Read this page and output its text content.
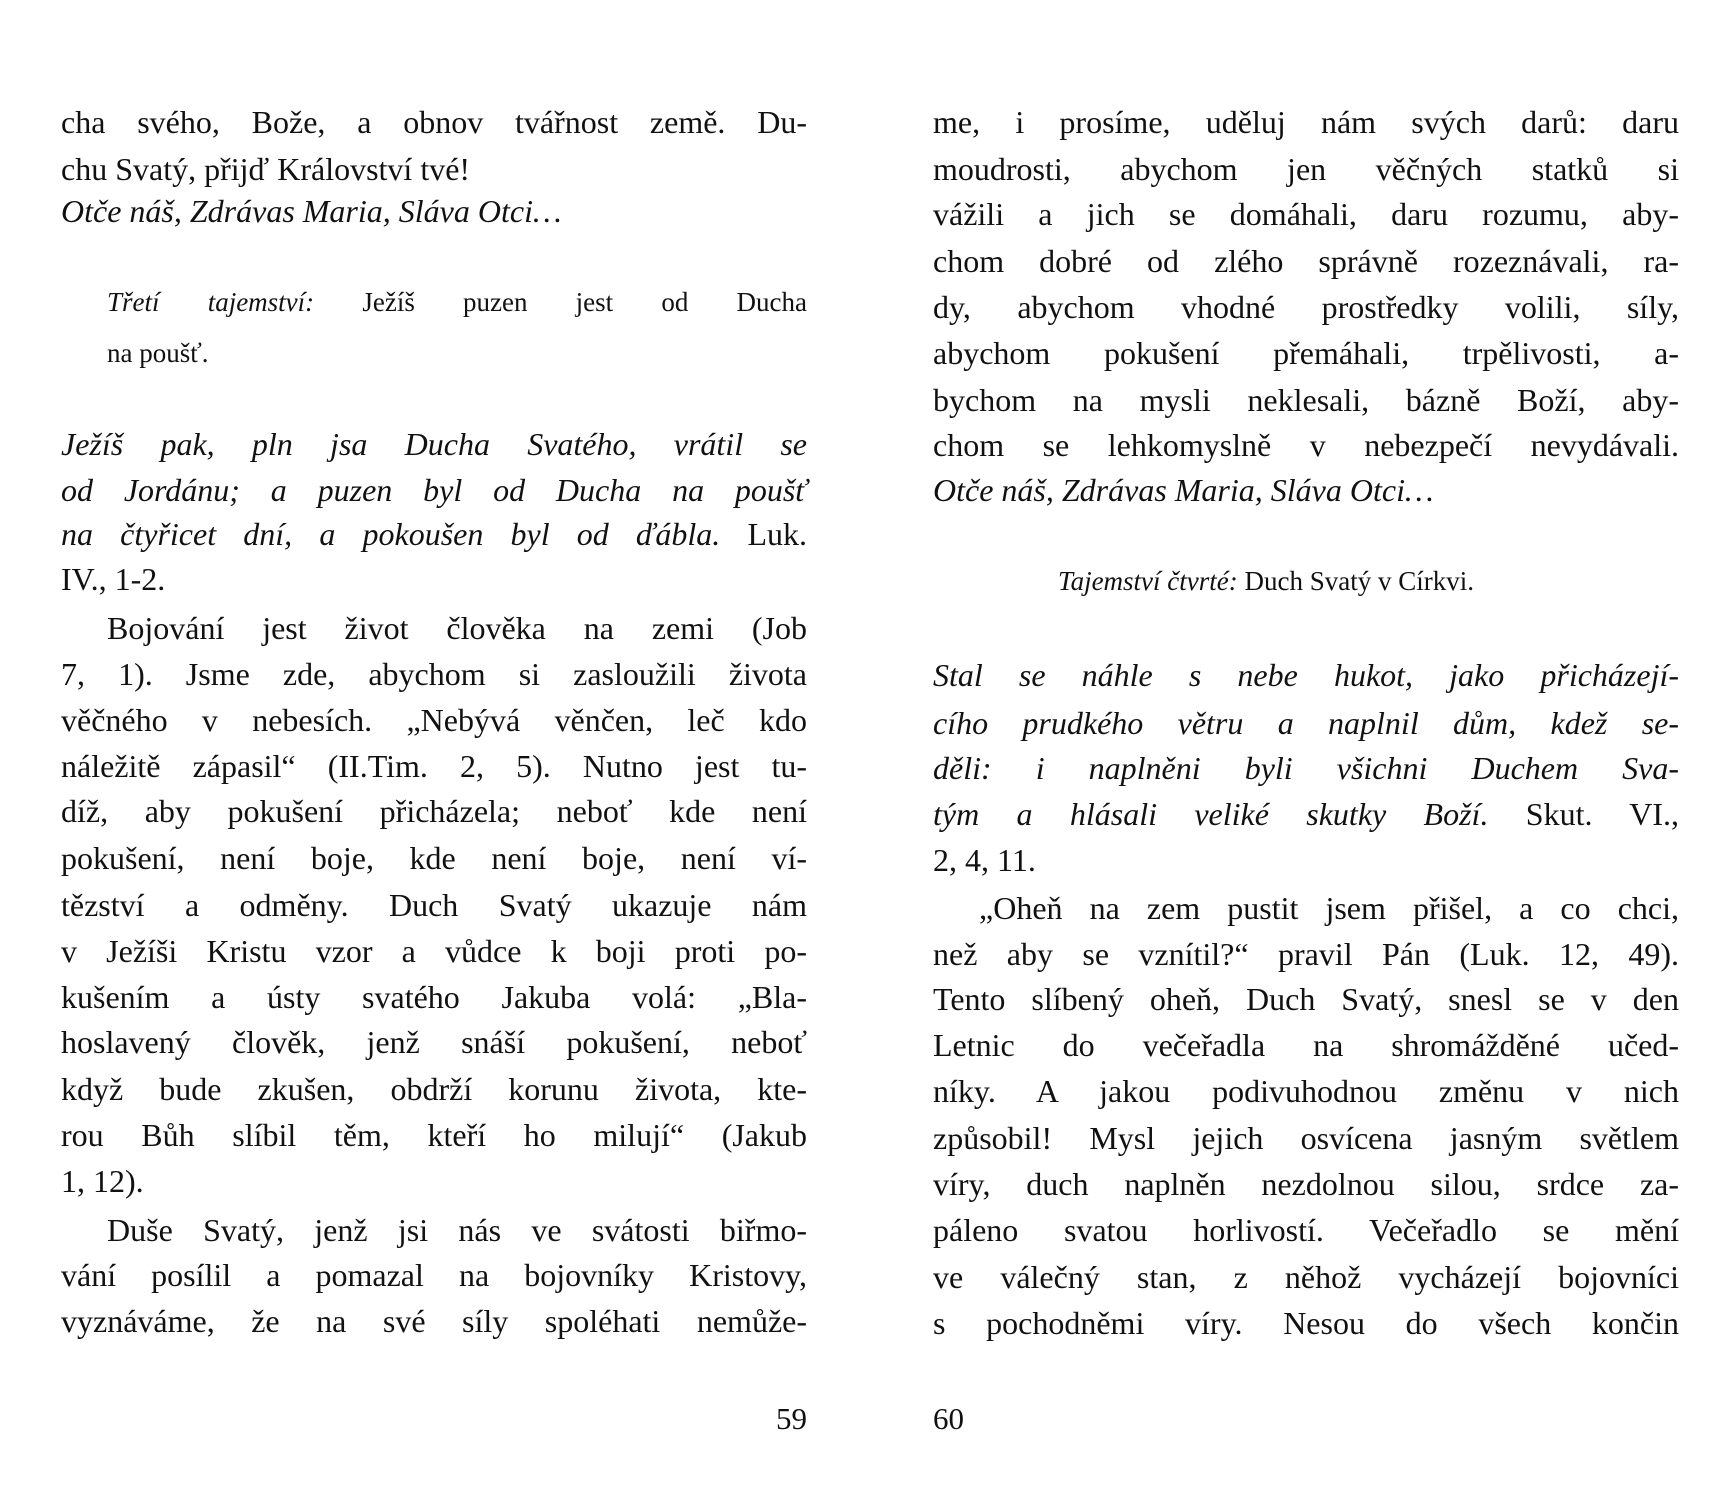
59
cha svého, Bože, a obnov tvářnost země. Du-
chu Svatý, přijď Království tvé!
Otče náš, Zdrávas Maria, Sláva Otci…
Třetí tajemství: Ježíš puzen jest od Ducha
na poušť.
Ježíš pak, pln jsa Ducha Svatého, vrátil se
od Jordánu; a puzen byl od Ducha na poušť
na čtyřicet dní, a pokoušen byl od ďábla. Luk.
IV., 1-2.
Bojování jest život člověka na zemi (Job
7, 1). Jsme zde, abychom si zasloužili života
věčného v nebesích. „Nebývá věnčen, leč kdo
náležitě zápasil“ (II.Tim. 2, 5). Nutno jest tu-
díž, aby pokušení přicházela; neboť kde není
pokušení, není boje, kde není boje, není ví-
tězství a odměny. Duch Svatý ukazuje nám
v Ježíši Kristu vzor a vůdce k boji proti po-
kušením a ústy svatého Jakuba volá: „Bla-
hoslavený člověk, jenž snáší pokušení, neboť
když bude zkušen, obdrží korunu života, kte-
rou Bůh slíbil těm, kteří ho milují“ (Jakub
1, 12).
Duše Svatý, jenž jsi nás ve svátosti biřmo-
vání posílil a pomazal na bojovníky Kristovy,
vyznáváme, že na své síly spoléhati nemůže-
60
me, i prosíme, uděluj nám svých darů: daru
moudrosti, abychom jen věčných statků si
vážili a jich se domáhali, daru rozumu, aby-
chom dobré od zlého správně rozeznávali, ra-
dy, abychom vhodné prostředky volili, síly,
abychom pokušení přemáhali, trpělivosti, a-
bychom na mysli neklesali, bázně Boží, aby-
chom se lehkomyslně v nebezpečí nevydávali.
Otče náš, Zdrávas Maria, Sláva Otci…
Tajemství čtvrté: Duch Svatý v Církvi.
Stal se náhle s nebe hukot, jako přicházejí-
cího prudkého větru a naplnil dům, kdež se-
děli: i naplněni byli všichni Duchem Sva-
tým a hlásali veliké skutky Boží. Skut. VI.,
2, 4, 11.
„Oheň na zem pustit jsem přišel, a co chci,
než aby se vznítil?“ pravil Pán (Luk. 12, 49).
Tento slíbený oheň, Duch Svatý, snesl se v den
Letnic do večeřadla na shromážděné učed-
níky. A jakou podivuhodnou změnu v nich
způsobil! Mysl jejich osvícena jasným světlem
víry, duch naplněn nezdolnou silou, srdce za-
páleno svatou horlivostí. Večeřadlo se mění
ve válečný stan, z něhož vycházejí bojovníci
s pochodněmi víry. Nesou do všech končin
